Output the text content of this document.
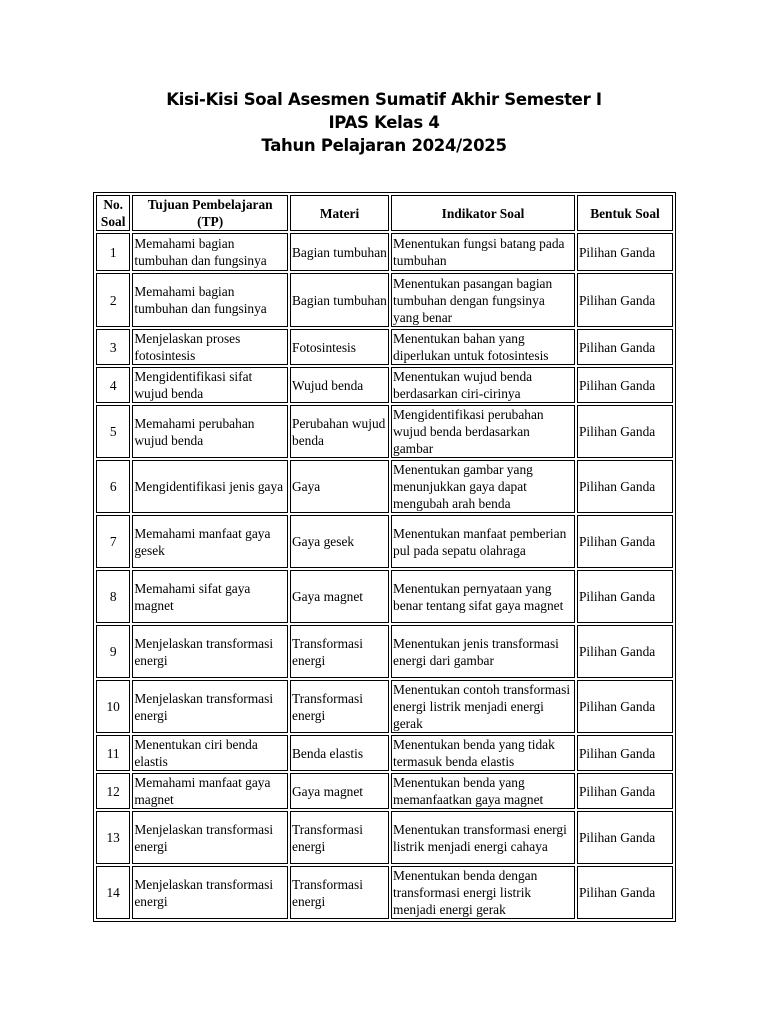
Kisi-Kisi Soal Asesmen Sumatif Akhir Semester I
IPAS Kelas 4
Tahun Pelajaran 2024/2025
No. Soal	Tujuan Pembelajaran (TP)	Materi	Indikator Soal	Bentuk Soal
1	Memahami bagian tumbuhan dan fungsinya	Bagian tumbuhan	Menentukan fungsi batang pada tumbuhan	Pilihan Ganda
2	Memahami bagian tumbuhan dan fungsinya	Bagian tumbuhan	Menentukan pasangan bagian tumbuhan dengan fungsinya yang benar	Pilihan Ganda
3	Menjelaskan proses fotosintesis	Fotosintesis	Menentukan bahan yang diperlukan untuk fotosintesis	Pilihan Ganda
4	Mengidentifikasi sifat wujud benda	Wujud benda	Menentukan wujud benda berdasarkan ciri-cirinya	Pilihan Ganda
5	Memahami perubahan wujud benda	Perubahan wujud benda	Mengidentifikasi perubahan wujud benda berdasarkan gambar	Pilihan Ganda
6	Mengidentifikasi jenis gaya	Gaya	Menentukan gambar yang menunjukkan gaya dapat mengubah arah benda	Pilihan Ganda
7	Memahami manfaat gaya gesek	Gaya gesek	Menentukan manfaat pemberian pul pada sepatu olahraga	Pilihan Ganda
8	Memahami sifat gaya magnet	Gaya magnet	Menentukan pernyataan yang benar tentang sifat gaya magnet	Pilihan Ganda
9	Menjelaskan transformasi energi	Transformasi energi	Menentukan jenis transformasi energi dari gambar	Pilihan Ganda
10	Menjelaskan transformasi energi	Transformasi energi	Menentukan contoh transformasi energi listrik menjadi energi gerak	Pilihan Ganda
11	Menentukan ciri benda elastis	Benda elastis	Menentukan benda yang tidak termasuk benda elastis	Pilihan Ganda
12	Memahami manfaat gaya magnet	Gaya magnet	Menentukan benda yang memanfaatkan gaya magnet	Pilihan Ganda
13	Menjelaskan transformasi energi	Transformasi energi	Menentukan transformasi energi listrik menjadi energi cahaya	Pilihan Ganda
14	Menjelaskan transformasi energi	Transformasi energi	Menentukan benda dengan transformasi energi listrik menjadi energi gerak	Pilihan Ganda
